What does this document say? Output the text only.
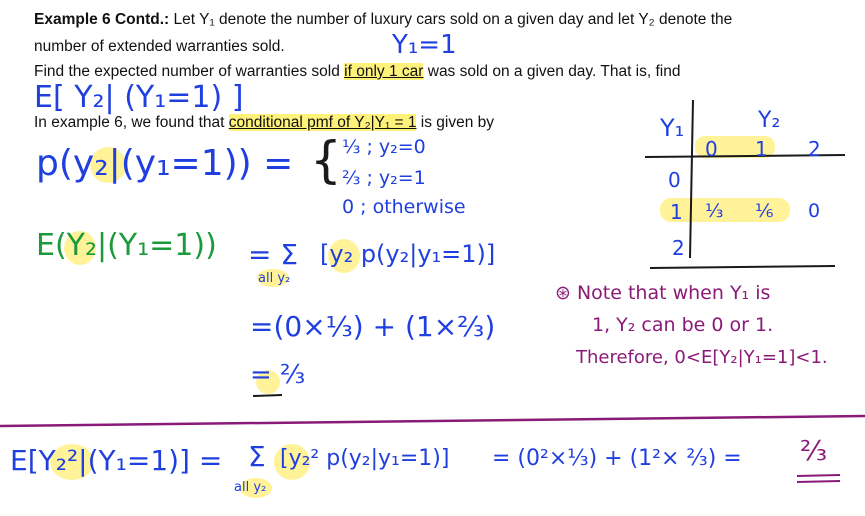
Example 6 Contd.: Let Y₁ denote the number of luxury cars sold on a given day and let Y₂ denote the
number of extended warranties sold.
Find the expected number of warranties sold if only 1 car was sold on a given day. That is, find
In example 6, we found that conditional pmf of Y₂|Y₁ = 1 is given by
Y₁=1
E[ Y₂| (Y₁=1) ]
p(y₂|(y₁=1)) = { ⅓ ; y₂=0
⅔ ; y₂=1
0 ; otherwise
E(Y₂|(Y₁=1)) = Σ
all y₂
[y₂ p(y₂|y₁=1)]
=(0×⅓) + (1×⅔)
= ⅔
Y₁	Y₂
0 1 2
0
1
2
⅓ ⅙ 0
⊛ Note that when Y₁ is
1, Y₂ can be 0 or 1.
Therefore, 0<E[Y₂|Y₁=1]<1.
E[Y₂²|(Y₁=1)] = Σ
all y₂
[y₂² p(y₂|y₁=1)] = (0²×⅓) + (1²× ⅔) = ⅔
